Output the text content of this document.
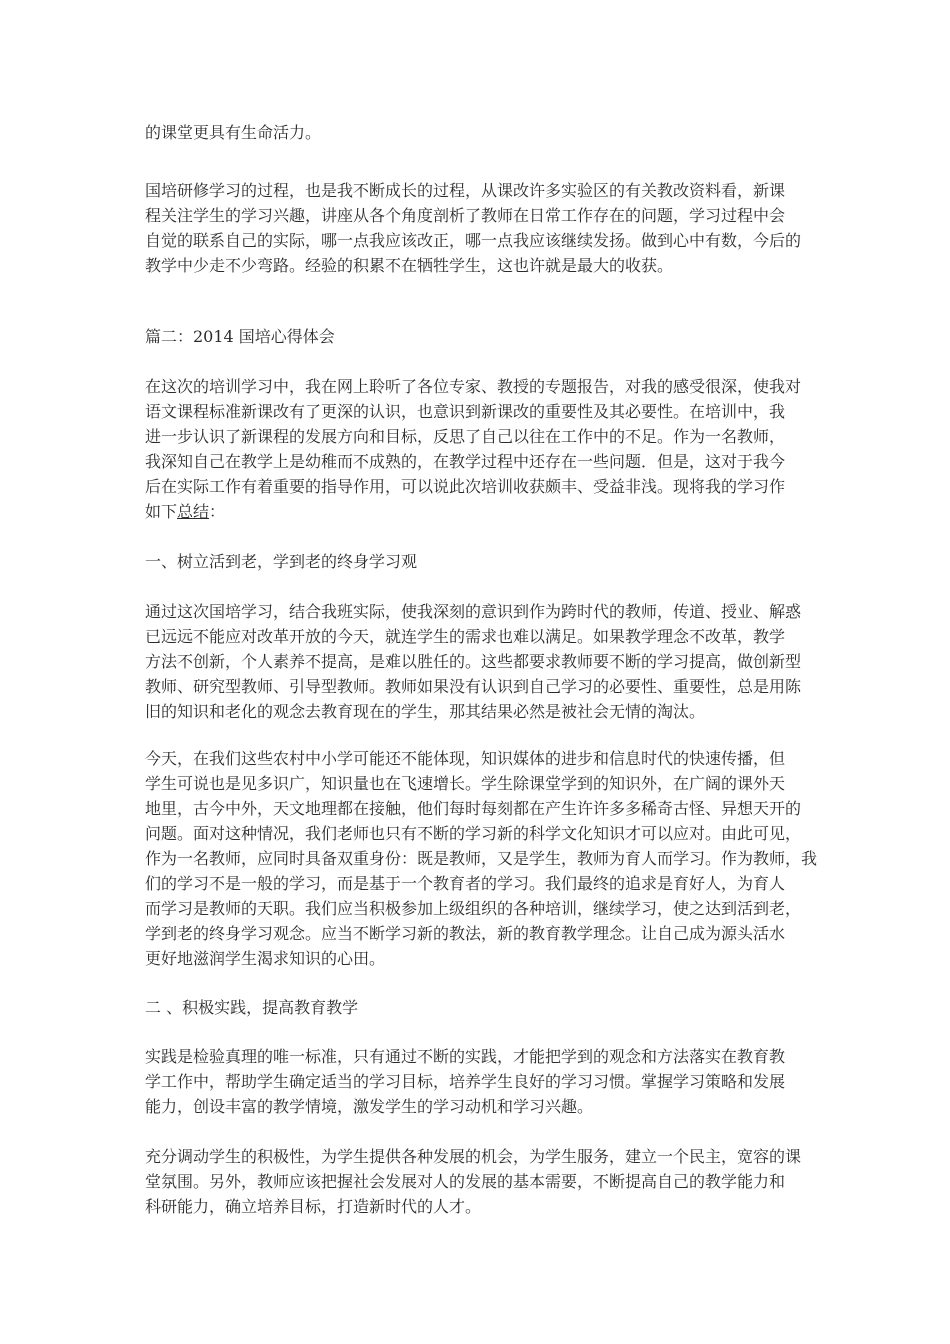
的课堂更具有生命活力。
国培研修学习的过程，也是我不断成长的过程，从课改许多实验区的有关教改资料看，新课
程关注学生的学习兴趣，讲座从各个角度剖析了教师在日常工作存在的问题，学习过程中会
自觉的联系自己的实际，哪一点我应该改正，哪一点我应该继续发扬。做到心中有数，今后的
教学中少走不少弯路。经验的积累不在牺牲学生，这也许就是最大的收获。
篇二：2014 国培心得体会
在这次的培训学习中，我在网上聆听了各位专家、教授的专题报告，对我的感受很深，使我对
语文课程标准新课改有了更深的认识，也意识到新课改的重要性及其必要性。在培训中，我
进一步认识了新课程的发展方向和目标，反思了自己以往在工作中的不足。作为一名教师，
我深知自己在教学上是幼稚而不成熟的，在教学过程中还存在一些问题．但是，这对于我今
后在实际工作有着重要的指导作用，可以说此次培训收获颇丰、受益非浅。现将我的学习作
如下总结：
一、树立活到老，学到老的终身学习观
通过这次国培学习，结合我班实际，使我深刻的意识到作为跨时代的教师，传道、授业、解惑
已远远不能应对改革开放的今天，就连学生的需求也难以满足。如果教学理念不改革，教学
方法不创新，个人素养不提高，是难以胜任的。这些都要求教师要不断的学习提高，做创新型
教师、研究型教师、引导型教师。教师如果没有认识到自己学习的必要性、重要性，总是用陈
旧的知识和老化的观念去教育现在的学生，那其结果必然是被社会无情的淘汰。
今天，在我们这些农村中小学可能还不能体现，知识媒体的进步和信息时代的快速传播，但
学生可说也是见多识广，知识量也在飞速增长。学生除课堂学到的知识外，在广阔的课外天
地里，古今中外，天文地理都在接触，他们每时每刻都在产生许许多多稀奇古怪、异想天开的
问题。面对这种情况，我们老师也只有不断的学习新的科学文化知识才可以应对。由此可见，
作为一名教师，应同时具备双重身份：既是教师，又是学生，教师为育人而学习。作为教师，我
们的学习不是一般的学习，而是基于一个教育者的学习。我们最终的追求是育好人，为育人
而学习是教师的天职。我们应当积极参加上级组织的各种培训，继续学习，使之达到活到老，
学到老的终身学习观念。应当不断学习新的教法，新的教育教学理念。让自己成为源头活水
更好地滋润学生渴求知识的心田。
二 、积极实践，提高教育教学
实践是检验真理的唯一标准，只有通过不断的实践，才能把学到的观念和方法落实在教育教
学工作中，帮助学生确定适当的学习目标，培养学生良好的学习习惯。掌握学习策略和发展
能力，创设丰富的教学情境，激发学生的学习动机和学习兴趣。
充分调动学生的积极性，为学生提供各种发展的机会，为学生服务，建立一个民主，宽容的课
堂氛围。另外，教师应该把握社会发展对人的发展的基本需要，不断提高自己的教学能力和
科研能力，确立培养目标，打造新时代的人才。
